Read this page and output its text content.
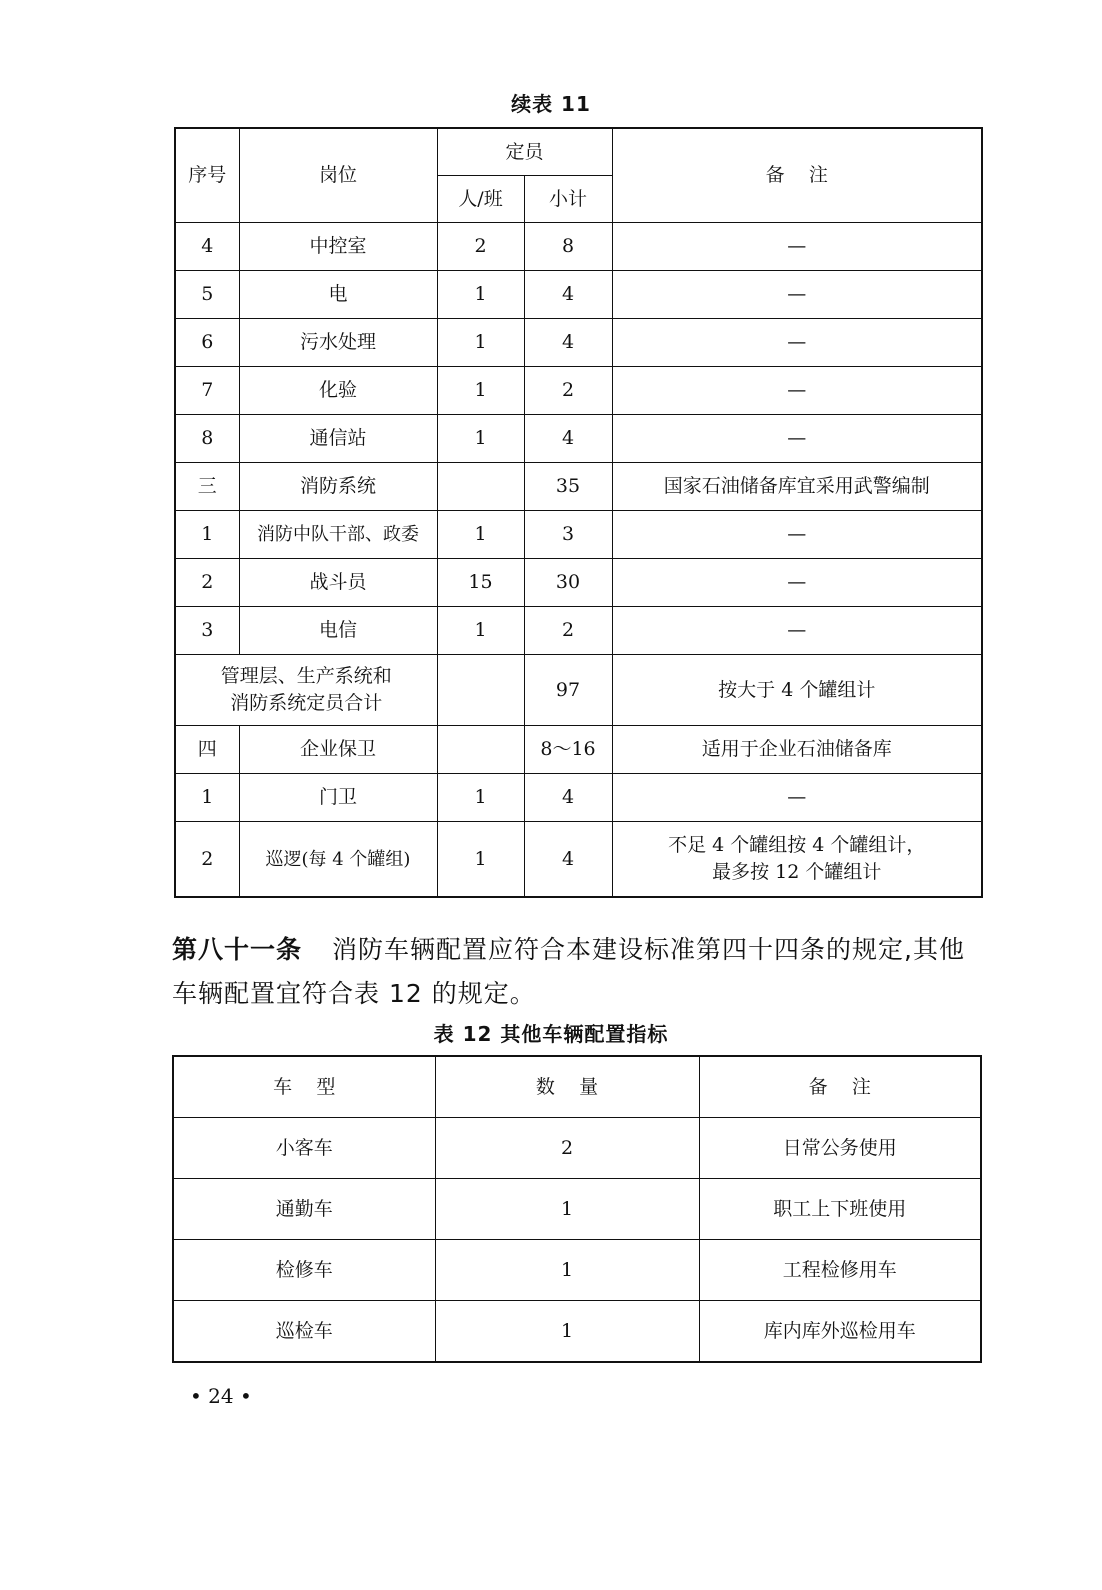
续表 11
序号	岗位	定员		备    注
		人/班	小计	
4	中控室	2	8	—
5	电	1	4	—
6	污水处理	1	4	—
7	化验	1	2	—
8	通信站	1	4	—
三	消防系统		35	国家石油储备库宜采用武警编制
1	消防中队干部、政委	1	3	—
2	战斗员	15	30	—
3	电信	1	2	—

管理层、生产系统和
消防系统定员合计			97	按大于 4 个罐组计
四	企业保卫		8～16	适用于企业石油储备库
1	门卫	1	4	—
2	巡逻(每 4 个罐组)	1	4	不足 4 个罐组按 4 个罐组计，
最多按 12 个罐组计
第八十一条 消防车辆配置应符合本建设标准第四十四条的规定,其他车辆配置宜符合表 12 的规定。
表 12 其他车辆配置指标
车    型	数    量	备    注
小客车	2	日常公务使用
通勤车	1	职工上下班使用
检修车	1	工程检修用车
巡检车	1	库内库外巡检用车
• 24 •
